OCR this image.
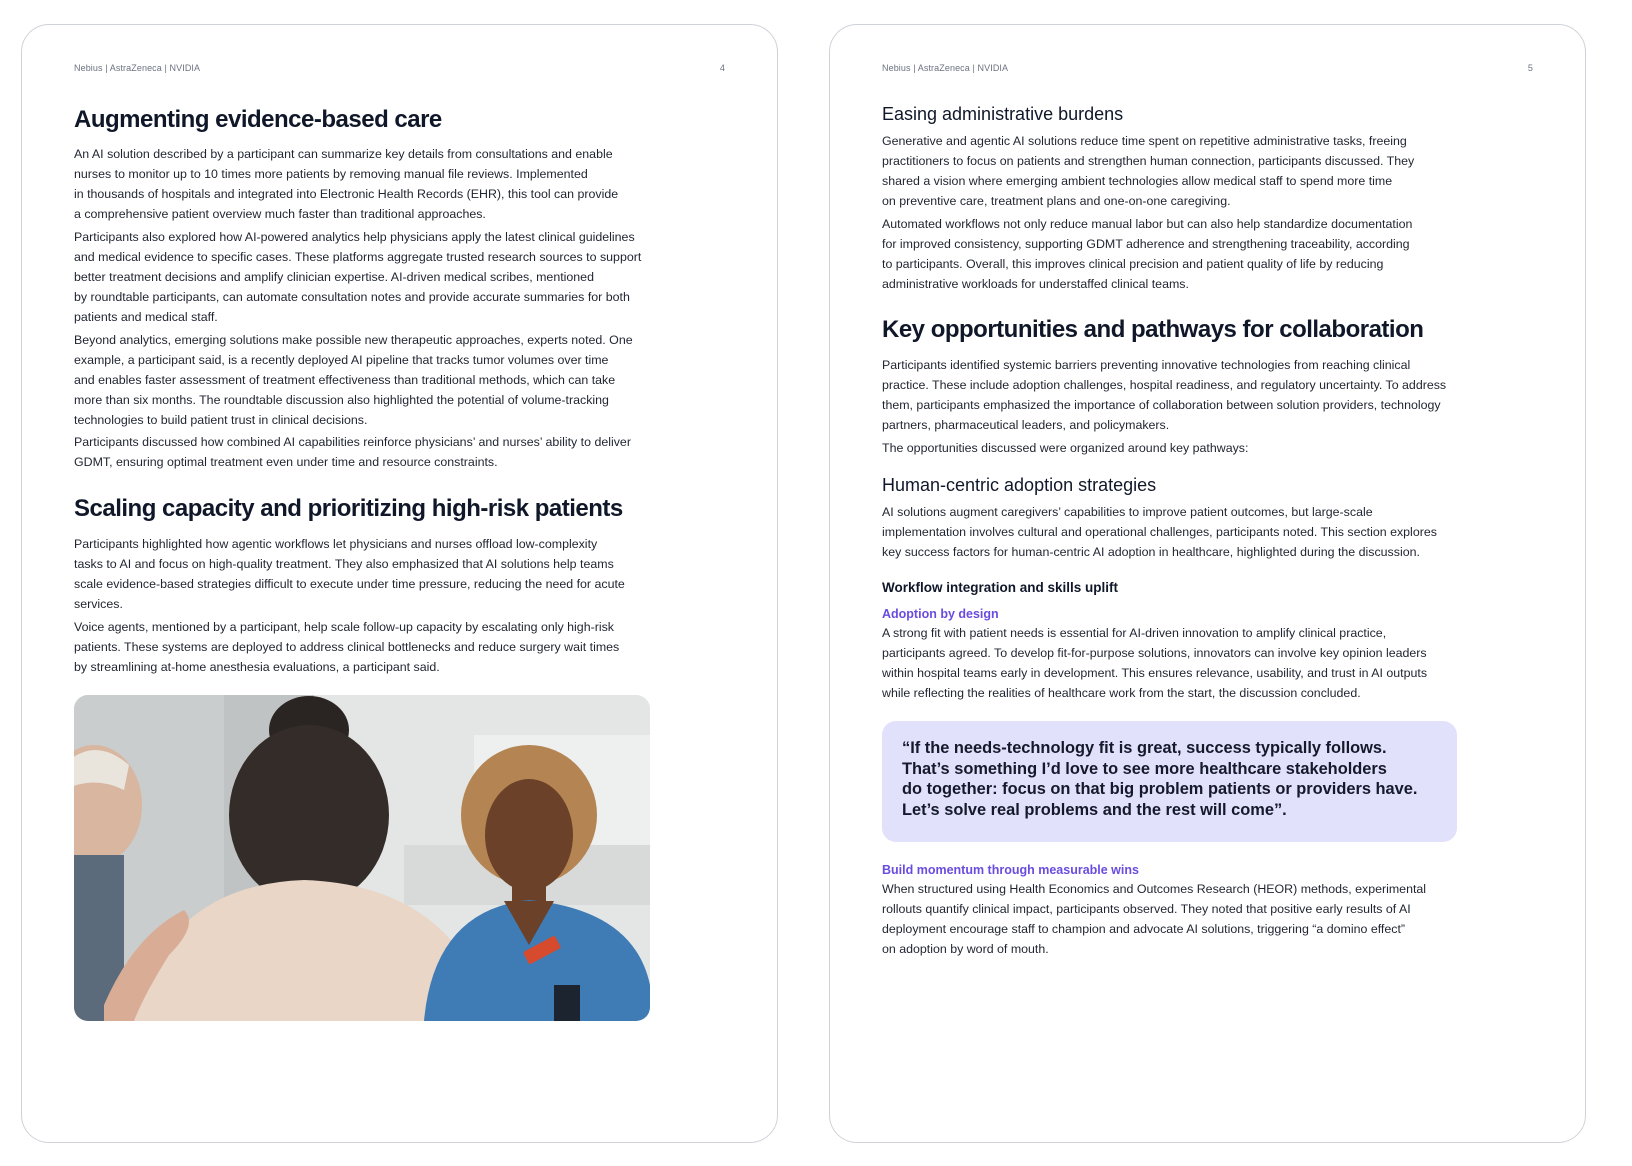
Nebius | AstraZeneca | NVIDIA	4
Augmenting evidence-based care

An AI solution described by a participant can summarize key details from consultations and enable
nurses to monitor up to 10 times more patients by removing manual file reviews. Implemented
in thousands of hospitals and integrated into Electronic Health Records (EHR), this tool can provide
a comprehensive patient overview much faster than traditional approaches.

Participants also explored how AI-powered analytics help physicians apply the latest clinical guidelines
and medical evidence to specific cases. These platforms aggregate trusted research sources to support
better treatment decisions and amplify clinician expertise. AI-driven medical scribes, mentioned
by roundtable participants, can automate consultation notes and provide accurate summaries for both
patients and medical staff.

Beyond analytics, emerging solutions make possible new therapeutic approaches, experts noted. One
example, a participant said, is a recently deployed AI pipeline that tracks tumor volumes over time
and enables faster assessment of treatment effectiveness than traditional methods, which can take
more than six months. The roundtable discussion also highlighted the potential of volume-tracking
technologies to build patient trust in clinical decisions.

Participants discussed how combined AI capabilities reinforce physicians’ and nurses’ ability to deliver
GDMT, ensuring optimal treatment even under time and resource constraints.

Scaling capacity and prioritizing high-risk patients

Participants highlighted how agentic workflows let physicians and nurses offload low-complexity
tasks to AI and focus on high-quality treatment. They also emphasized that AI solutions help teams
scale evidence-based strategies difficult to execute under time pressure, reducing the need for acute
services.

Voice agents, mentioned by a participant, help scale follow-up capacity by escalating only high-risk
patients. These systems are deployed to address clinical bottlenecks and reduce surgery wait times
by streamlining at-home anesthesia evaluations, a participant said.

Nebius | AstraZeneca | NVIDIA	5
Easing administrative burdens

Generative and agentic AI solutions reduce time spent on repetitive administrative tasks, freeing
practitioners to focus on patients and strengthen human connection, participants discussed. They
shared a vision where emerging ambient technologies allow medical staff to spend more time
on preventive care, treatment plans and one-on-one caregiving.

Automated workflows not only reduce manual labor but can also help standardize documentation
for improved consistency, supporting GDMT adherence and strengthening traceability, according
to participants. Overall, this improves clinical precision and patient quality of life by reducing
administrative workloads for understaffed clinical teams.

Key opportunities and pathways for collaboration

Participants identified systemic barriers preventing innovative technologies from reaching clinical
practice. These include adoption challenges, hospital readiness, and regulatory uncertainty. To address
them, participants emphasized the importance of collaboration between solution providers, technology
partners, pharmaceutical leaders, and policymakers.

The opportunities discussed were organized around key pathways:

Human-centric adoption strategies

AI solutions augment caregivers’ capabilities to improve patient outcomes, but large-scale
implementation involves cultural and operational challenges, participants noted. This section explores
key success factors for human-centric AI adoption in healthcare, highlighted during the discussion.

Workflow integration and skills uplift
Adoption by design

A strong fit with patient needs is essential for AI-driven innovation to amplify clinical practice,
participants agreed. To develop fit-for-purpose solutions, innovators can involve key opinion leaders
within hospital teams early in development. This ensures relevance, usability, and trust in AI outputs
while reflecting the realities of healthcare work from the start, the discussion concluded.

“If the needs-technology fit is great, success typically follows.
That’s something I’d love to see more healthcare stakeholders
do together: focus on that big problem patients or providers have.
Let’s solve real problems and the rest will come”.

Build momentum through measurable wins

When structured using Health Economics and Outcomes Research (HEOR) methods, experimental
rollouts quantify clinical impact, participants observed. They noted that positive early results of AI
deployment encourage staff to champion and advocate AI solutions, triggering “a domino effect”
on adoption by word of mouth.
